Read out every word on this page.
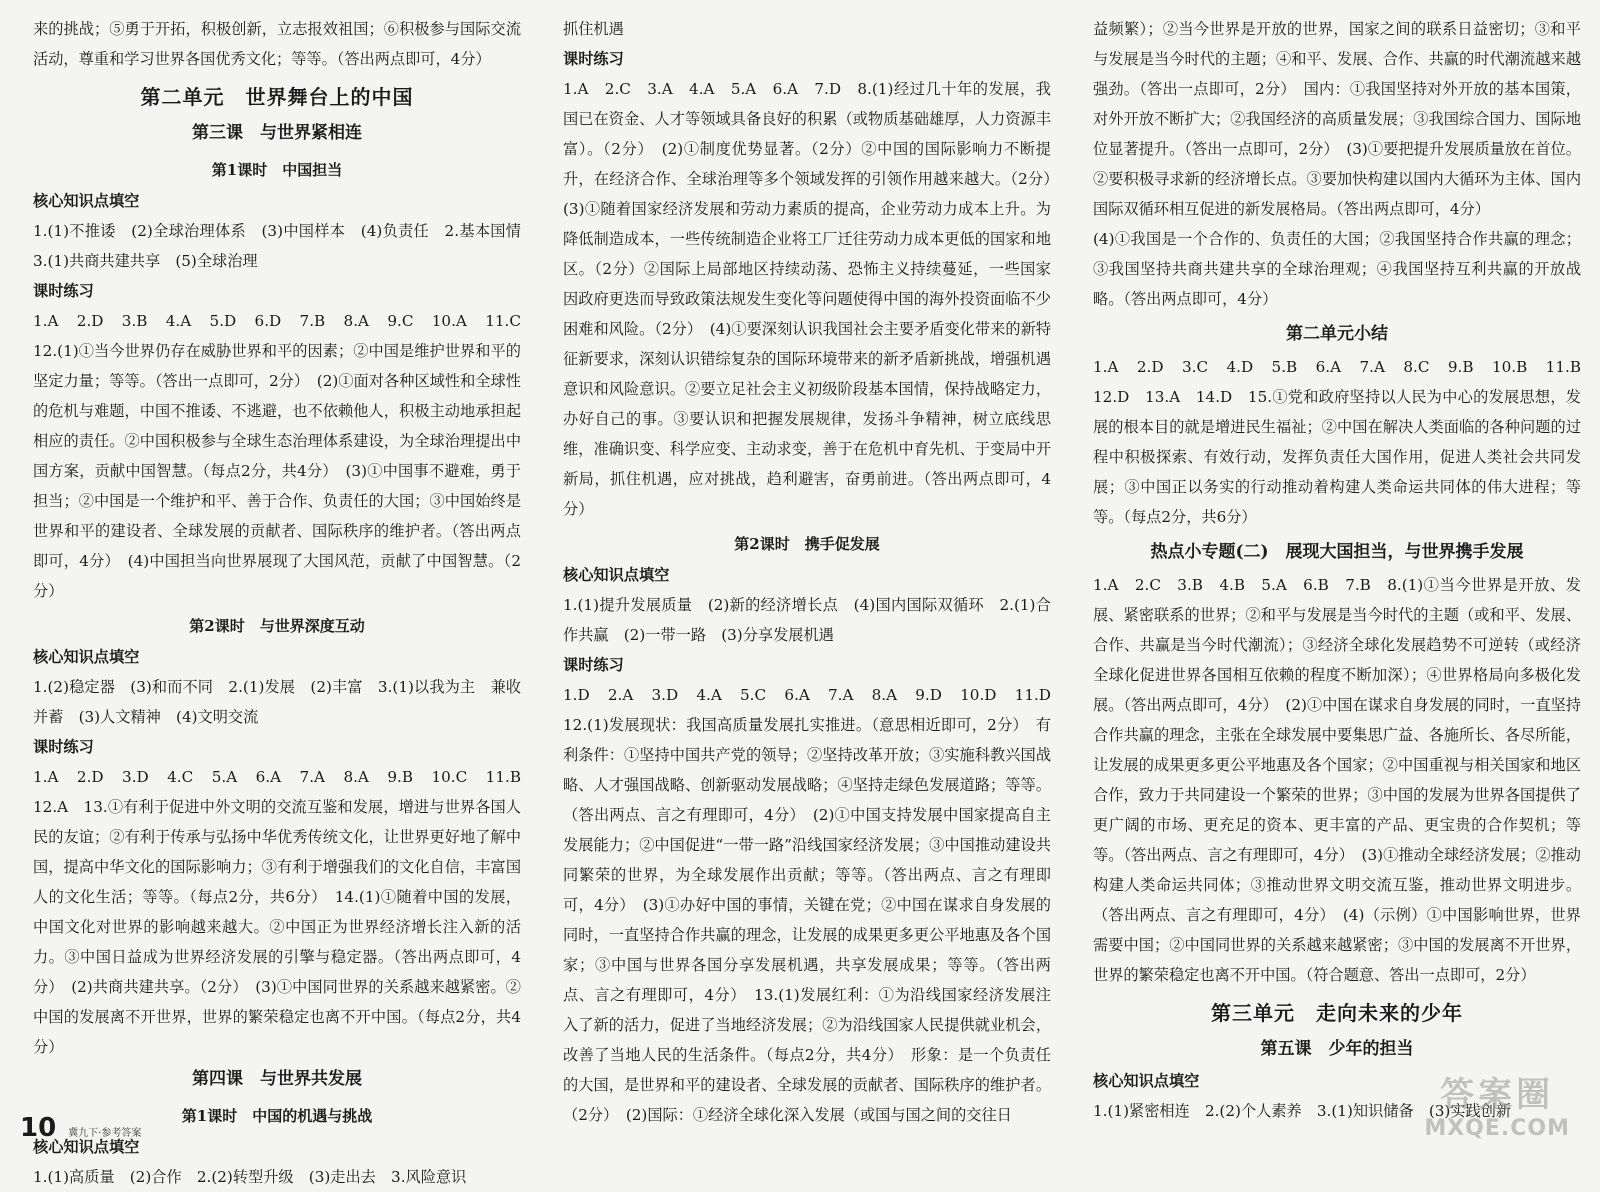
来的挑战；⑤勇于开拓，积极创新，立志报效祖国；⑥积极参与国际交流活动，尊重和学习世界各国优秀文化；等等。（答出两点即可，4分）

第二单元　世界舞台上的中国

第三课　与世界紧相连

第1课时　中国担当

核心知识点填空

1.(1)不推诿　(2)全球治理体系　(3)中国样本　(4)负责任　2.基本国情　3.(1)共商共建共享　(5)全球治理

课时练习

1.A　2.D　3.B　4.A　5.D　6.D　7.B　8.A　9.C　10.A　11.C　12.(1)①当今世界仍存在威胁世界和平的因素；②中国是维护世界和平的坚定力量；等等。（答出一点即可，2分）　(2)①面对各种区域性和全球性的危机与难题，中国不推诿、不逃避，也不依赖他人，积极主动地承担起相应的责任。②中国积极参与全球生态治理体系建设，为全球治理提出中国方案，贡献中国智慧。（每点2分，共4分）　(3)①中国事不避难，勇于担当；②中国是一个维护和平、善于合作、负责任的大国；③中国始终是世界和平的建设者、全球发展的贡献者、国际秩序的维护者。（答出两点即可，4分）　(4)中国担当向世界展现了大国风范，贡献了中国智慧。（2分）

第2课时　与世界深度互动

核心知识点填空

1.(2)稳定器　(3)和而不同　2.(1)发展　(2)丰富　3.(1)以我为主　兼收并蓄　(3)人文精神　(4)文明交流

课时练习

1.A　2.D　3.D　4.C　5.A　6.A　7.A　8.A　9.B　10.C　11.B　12.A　13.①有利于促进中外文明的交流互鉴和发展，增进与世界各国人民的友谊；②有利于传承与弘扬中华优秀传统文化，让世界更好地了解中国，提高中华文化的国际影响力；③有利于增强我们的文化自信，丰富国人的文化生活；等等。（每点2分，共6分）　14.(1)①随着中国的发展，中国文化对世界的影响越来越大。②中国正为世界经济增长注入新的活力。③中国日益成为世界经济发展的引擎与稳定器。（答出两点即可，4分）　(2)共商共建共享。（2分）　(3)①中国同世界的关系越来越紧密。②中国的发展离不开世界，世界的繁荣稳定也离不开中国。（每点2分，共4分）

第四课　与世界共发展

第1课时　中国的机遇与挑战

核心知识点填空

1.(1)高质量　(2)合作　2.(2)转型升级　(3)走出去　3.风险意识

抓住机遇

课时练习

1.A　2.C　3.A　4.A　5.A　6.A　7.D　8.(1)经过几十年的发展，我国已在资金、人才等领域具备良好的积累（或物质基础雄厚，人力资源丰富）。（2分）　(2)①制度优势显著。（2分）②中国的国际影响力不断提升，在经济合作、全球治理等多个领域发挥的引领作用越来越大。（2分）　(3)①随着国家经济发展和劳动力素质的提高，企业劳动力成本上升。为降低制造成本，一些传统制造企业将工厂迁往劳动力成本更低的国家和地区。（2分）②国际上局部地区持续动荡、恐怖主义持续蔓延，一些国家因政府更迭而导致政策法规发生变化等问题使得中国的海外投资面临不少困难和风险。（2分）　(4)①要深刻认识我国社会主要矛盾变化带来的新特征新要求，深刻认识错综复杂的国际环境带来的新矛盾新挑战，增强机遇意识和风险意识。②要立足社会主义初级阶段基本国情，保持战略定力，办好自己的事。③要认识和把握发展规律，发扬斗争精神，树立底线思维，准确识变、科学应变、主动求变，善于在危机中育先机、于变局中开新局，抓住机遇，应对挑战，趋利避害，奋勇前进。（答出两点即可，4分）

第2课时　携手促发展

核心知识点填空

1.(1)提升发展质量　(2)新的经济增长点　(4)国内国际双循环　2.(1)合作共赢　(2)一带一路　(3)分享发展机遇

课时练习

1.D　2.A　3.D　4.A　5.C　6.A　7.A　8.A　9.D　10.D　11.D　12.(1)发展现状：我国高质量发展扎实推进。（意思相近即可，2分）　有利条件：①坚持中国共产党的领导；②坚持改革开放；③实施科教兴国战略、人才强国战略、创新驱动发展战略；④坚持走绿色发展道路；等等。（答出两点、言之有理即可，4分）　(2)①中国支持发展中国家提高自主发展能力；②中国促进“一带一路”沿线国家经济发展；③中国推动建设共同繁荣的世界，为全球发展作出贡献；等等。（答出两点、言之有理即可，4分）　(3)①办好中国的事情，关键在党；②中国在谋求自身发展的同时，一直坚持合作共赢的理念，让发展的成果更多更公平地惠及各个国家；③中国与世界各国分享发展机遇，共享发展成果；等等。（答出两点、言之有理即可，4分）　13.(1)发展红利：①为沿线国家经济发展注入了新的活力，促进了当地经济发展；②为沿线国家人民提供就业机会，改善了当地人民的生活条件。（每点2分，共4分）　形象：是一个负责任的大国，是世界和平的建设者、全球发展的贡献者、国际秩序的维护者。（2分）　(2)国际：①经济全球化深入发展（或国与国之间的交往日

益频繁）；②当今世界是开放的世界，国家之间的联系日益密切；③和平与发展是当今时代的主题；④和平、发展、合作、共赢的时代潮流越来越强劲。（答出一点即可，2分）　国内：①我国坚持对外开放的基本国策，对外开放不断扩大；②我国经济的高质量发展；③我国综合国力、国际地位显著提升。（答出一点即可，2分）　(3)①要把提升发展质量放在首位。②要积极寻求新的经济增长点。③要加快构建以国内大循环为主体、国内国际双循环相互促进的新发展格局。（答出两点即可，4分）

(4)①我国是一个合作的、负责任的大国；②我国坚持合作共赢的理念；③我国坚持共商共建共享的全球治理观；④我国坚持互利共赢的开放战略。（答出两点即可，4分）

第二单元小结

1.A　2.D　3.C　4.D　5.B　6.A　7.A　8.C　9.B　10.B　11.B　12.D　13.A　14.D　15.①党和政府坚持以人民为中心的发展思想，发展的根本目的就是增进民生福祉；②中国在解决人类面临的各种问题的过程中积极探索、有效行动，发挥负责任大国作用，促进人类社会共同发展；③中国正以务实的行动推动着构建人类命运共同体的伟大进程；等等。（每点2分，共6分）

热点小专题(二)　展现大国担当，与世界携手发展

1.A　2.C　3.B　4.B　5.A　6.B　7.B　8.(1)①当今世界是开放、发展、紧密联系的世界；②和平与发展是当今时代的主题（或和平、发展、合作、共赢是当今时代潮流）；③经济全球化发展趋势不可逆转（或经济全球化促进世界各国相互依赖的程度不断加深）；④世界格局向多极化发展。（答出两点即可，4分）　(2)①中国在谋求自身发展的同时，一直坚持合作共赢的理念，主张在全球发展中要集思广益、各施所长、各尽所能，让发展的成果更多更公平地惠及各个国家；②中国重视与相关国家和地区合作，致力于共同建设一个繁荣的世界；③中国的发展为世界各国提供了更广阔的市场、更充足的资本、更丰富的产品、更宝贵的合作契机；等等。（答出两点、言之有理即可，4分）　(3)①推动全球经济发展；②推动构建人类命运共同体；③推动世界文明交流互鉴，推动世界文明进步。（答出两点、言之有理即可，4分）　(4)（示例）①中国影响世界，世界需要中国；②中国同世界的关系越来越紧密；③中国的发展离不开世界，世界的繁荣稳定也离不开中国。（符合题意、答出一点即可，2分）

第三单元　走向未来的少年

第五课　少年的担当

核心知识点填空

1.(1)紧密相连　2.(2)个人素养　3.(1)知识储备　(3)实践创新

10 冀九下·参考答案
答案圈
MXQE.COM
